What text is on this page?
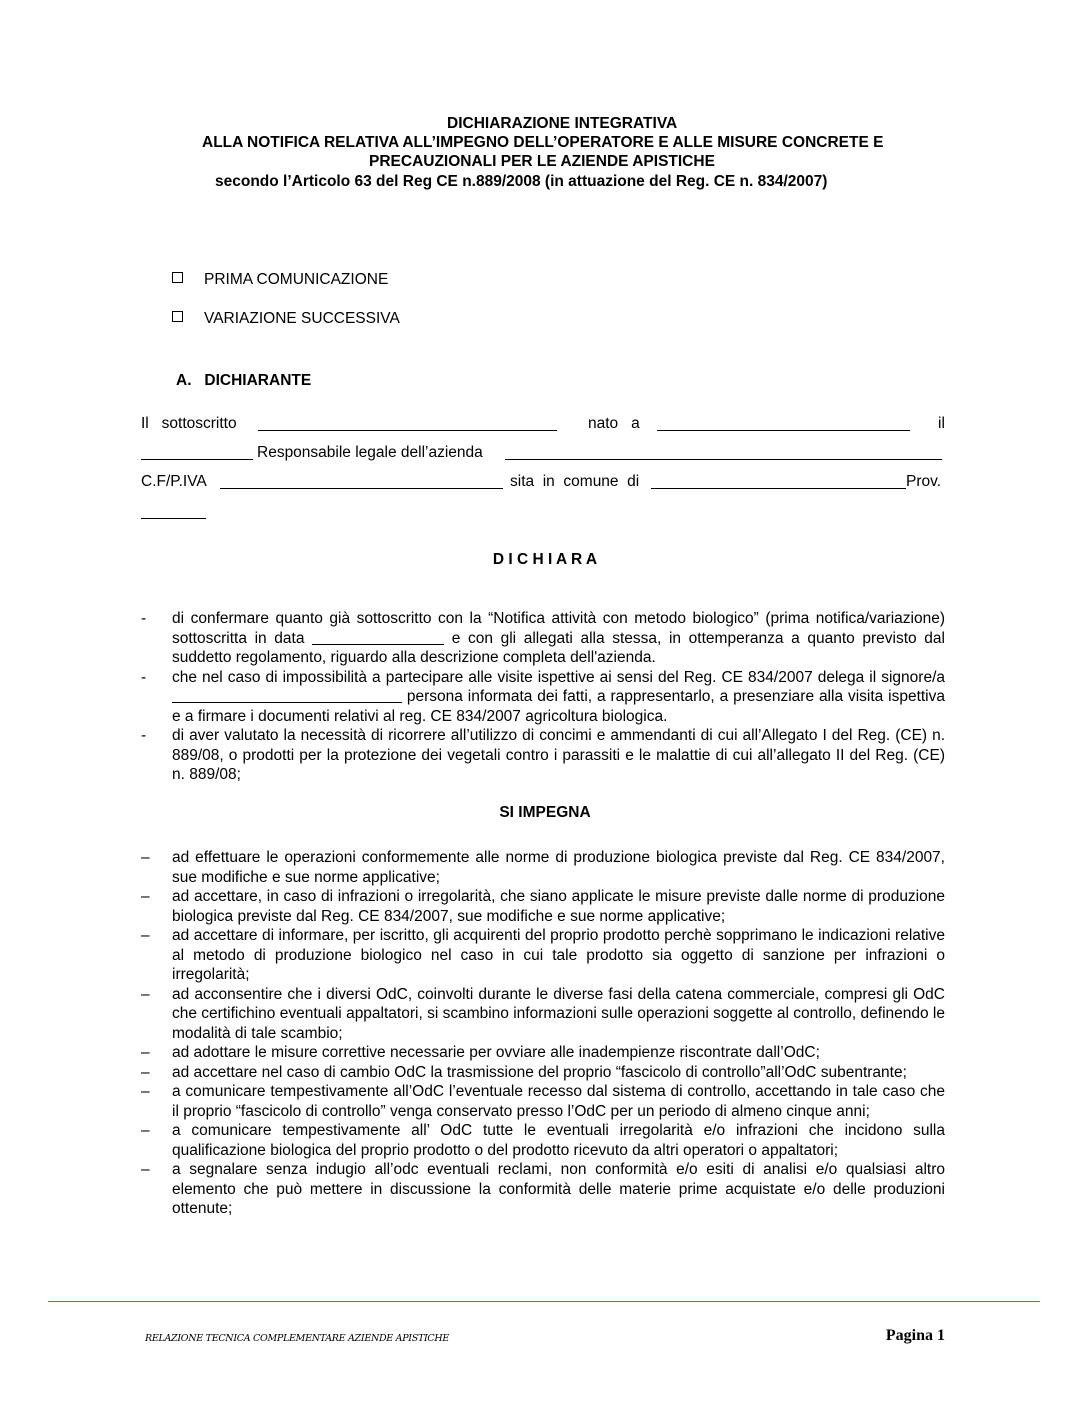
DICHIARAZIONE INTEGRATIVA
ALLA NOTIFICA RELATIVA ALL’IMPEGNO DELL’OPERATORE E ALLE MISURE CONCRETE E
PRECAUZIONALI PER LE AZIENDE APISTICHE
secondo l’Articolo 63 del Reg CE n.889/2008 (in attuazione del Reg. CE n. 834/2007)
PRIMA COMUNICAZIONE
VARIAZIONE SUCCESSIVA
A.   DICHIARANTE
Il   sottoscritto	nato   a	il
Responsabile legale dell’azienda
C.F/P.IVA	sita  in  comune  di	Prov.
D I C H I A R A
- di confermare quanto già sottoscritto con la “Notifica attività con metodo biologico” (prima notifica/variazione) sottoscritta in data	e con gli allegati alla stessa, in ottemperanza a quanto previsto dal suddetto regolamento, riguardo alla descrizione completa dell'azienda.
- che nel caso di impossibilità a partecipare alle visite ispettive ai sensi del Reg. CE 834/2007 delega il signore/a persona informata dei fatti, a rappresentarlo, a presenziare alla visita ispettiva e a firmare i documenti relativi al reg. CE 834/2007 agricoltura biologica.
- di aver valutato la necessità di ricorrere all’utilizzo di concimi e ammendanti di cui all’Allegato I del Reg. (CE) n. 889/08, o prodotti per la protezione dei vegetali contro i parassiti e le malattie di cui all’allegato II del Reg. (CE) n. 889/08;
SI IMPEGNA
– ad effettuare le operazioni conformemente alle norme di produzione biologica previste dal Reg. CE 834/2007, sue modifiche e sue norme applicative;
– ad accettare, in caso di infrazioni o irregolarità, che siano applicate le misure previste dalle norme di produzione biologica previste dal Reg. CE 834/2007, sue modifiche e sue norme applicative;
– ad accettare di informare, per iscritto, gli acquirenti del proprio prodotto perchè sopprimano le indicazioni relative al metodo di produzione biologico nel caso in cui tale prodotto sia oggetto di sanzione per infrazioni o irregolarità;
– ad acconsentire che i diversi OdC, coinvolti durante le diverse fasi della catena commerciale, compresi gli OdC che certifichino eventuali appaltatori, si scambino informazioni sulle operazioni soggette al controllo, definendo le modalità di tale scambio;
– ad adottare le misure correttive necessarie per ovviare alle inadempienze riscontrate dall’OdC;
– ad accettare nel caso di cambio OdC la trasmissione del proprio “fascicolo di controllo”all’OdC subentrante;
– a comunicare tempestivamente all’OdC l’eventuale recesso dal sistema di controllo, accettando in tale caso che il proprio “fascicolo di controllo” venga conservato presso l’OdC per un periodo di almeno cinque anni;
– a comunicare tempestivamente all’ OdC tutte le eventuali irregolarità e/o infrazioni che incidono sulla qualificazione biologica del proprio prodotto o del prodotto ricevuto da altri operatori o appaltatori;
– a segnalare senza indugio all’odc eventuali reclami, non conformità e/o esiti di analisi e/o qualsiasi altro elemento che può mettere in discussione la conformità delle materie prime acquistate e/o delle produzioni ottenute;
RELAZIONE TECNICA COMPLEMENTARE AZIENDE APISTICHE	Pagina 1
